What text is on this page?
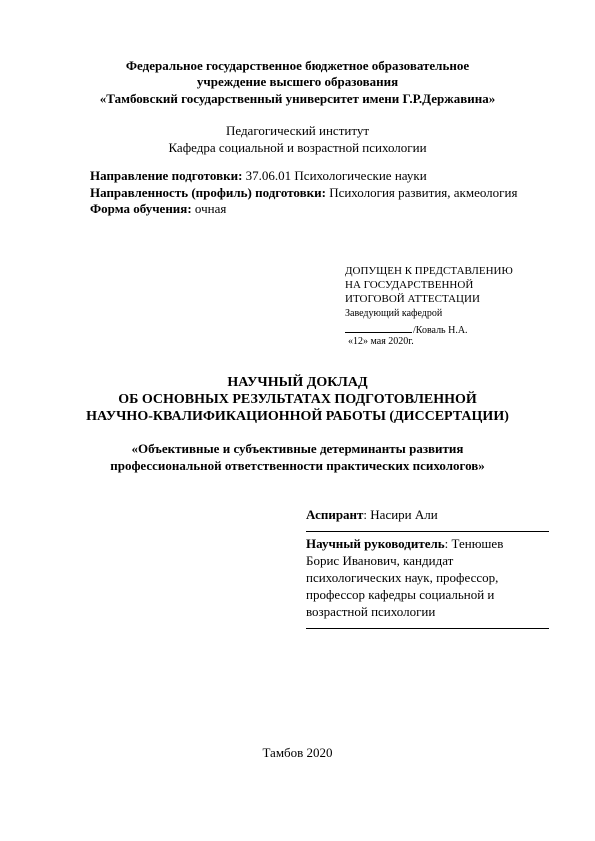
Федеральное государственное бюджетное образовательное
учреждение высшего образования
«Тамбовский государственный университет имени Г.Р.Державина»
Педагогический институт
Кафедра социальной и возрастной психологии
Направление подготовки: 37.06.01 Психологические науки
Направленность (профиль) подготовки: Психология развития, акмеология
Форма обучения: очная
ДОПУЩЕН К ПРЕДСТАВЛЕНИЮ
НА ГОСУДАРСТВЕННОЙ
ИТОГОВОЙ АТТЕСТАЦИИ
Заведующий кафедрой
/Коваль Н.А.
«12» мая 2020г.
НАУЧНЫЙ ДОКЛАД
ОБ ОСНОВНЫХ РЕЗУЛЬТАТАХ ПОДГОТОВЛЕННОЙ
НАУЧНО-КВАЛИФИКАЦИОННОЙ РАБОТЫ (ДИССЕРТАЦИИ)
«Объективные и субъективные детерминанты развития
профессиональной ответственности практических психологов»
Аспирант: Насири Али
Научный руководитель: Тенюшев
Борис Иванович, кандидат
психологических наук, профессор,
профессор кафедры социальной и
возрастной психологии
Тамбов 2020
